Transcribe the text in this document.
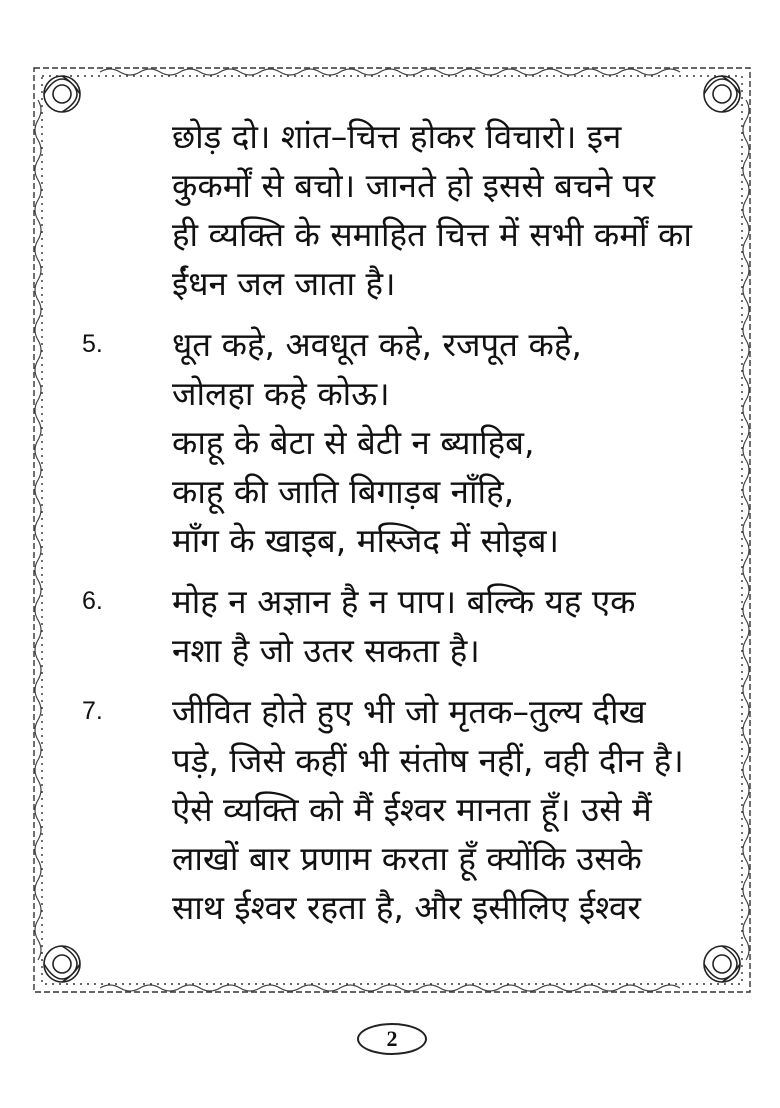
छोड़ दो। शांत–चित्त होकर विचारो। इन
कुकर्मों से बचो। जानते हो इससे बचने पर
ही व्यक्ति के समाहित चित्त में सभी कर्मों का
ईंधन जल जाता है।
5. धूत कहे, अवधूत कहे, रजपूत कहे,
जोलहा कहे कोऊ।
काहू के बेटा से बेटी न ब्याहिब,
काहू की जाति बिगाड़ब नाँहि,
माँग के खाइब, मस्जिद में सोइब।
6. मोह न अज्ञान है न पाप। बल्कि यह एक
नशा है जो उतर सकता है।
7. जीवित होते हुए भी जो मृतक–तुल्य दीख
पड़े, जिसे कहीं भी संतोष नहीं, वही दीन है।
ऐसे व्यक्ति को मैं ईश्वर मानता हूँ। उसे मैं
लाखों बार प्रणाम करता हूँ क्योंकि उसके
साथ ईश्वर रहता है, और इसीलिए ईश्वर
2
